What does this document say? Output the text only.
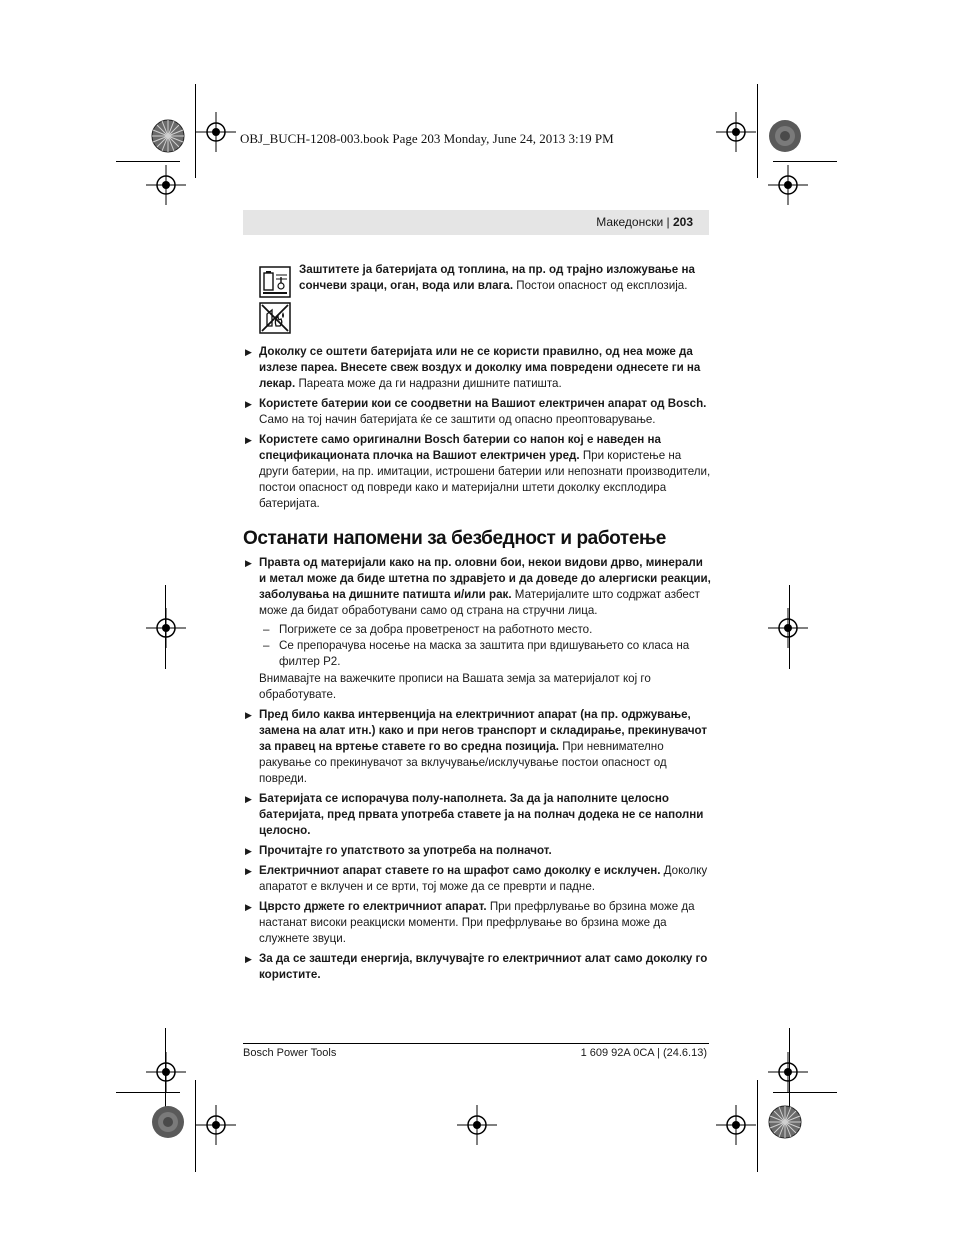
OBJ_BUCH-1208-003.book Page 203 Monday, June 24, 2013 3:19 PM
Македонски | 203
Заштитете ја батеријата од топлина, на пр. од трајно изложување на сончеви зраци, оган, вода или влага. Постои опасност од експлозија.
▶ Доколку се оштети батеријата или не се користи правилно, од неа може да излезе пареа. Внесете свеж воздух и доколку има повредени однесете ги на лекар. Пареата може да ги надразни дишните патишта.
▶ Користете батерии кои се соодветни на Вашиот електричен апарат од Bosch. Само на тој начин батеријата ќе се заштити од опасно преоптоварување.
▶ Користете само оригинални Bosch батерии со напон кој е наведен на спецификационата плочка на Вашиот електричен уред. При користење на други батерии, на пр. имитации, истрошени батерии или непознати производители, постои опасност од повреди како и материјални штети доколку експлодира батеријата.
Останати напомени за безбедност и работење
▶ Правта од материјали како на пр. оловни бои, некои видови дрво, минерали и метал може да биде штетна по здравјето и да доведе до алергиски реакции, заболувања на дишните патишта и/или рак. Материјалите што содржат азбест може да бидат обработувани само од страна на стручни лица.
– Погрижете се за добра проветреност на работното место.
– Се препорачува носење на маска за заштита при вдишувањето со класа на филтер P2.
Внимавајте на важечките прописи на Вашата земја за материјалот кој го обработувате.
▶ Пред било каква интервенција на електричниот апарат (на пр. одржување, замена на алат итн.) како и при негов транспорт и складирање, прекинувачот за правец на вртење ставете го во средна позиција. При невнимателно ракување со прекинувачот за вклучување/исклучување постои опасност од повреди.
▶ Батеријата се испорачува полу-наполнета. За да ја наполните целосно батеријата, пред првата употреба ставете ја на полнач додека не се наполни целосно.
▶ Прочитајте го упатството за употреба на полначот.
▶ Електричниот апарат ставете го на шрафот само доколку е исклучен. Доколку апаратот е вклучен и се врти, тој може да се преврти и падне.
▶ Цврсто држете го електричниот апарат. При префрлување во брзина може да настанат високи реакциски моменти. При префрлување во брзина може да служнете звуци.
▶ За да се заштеди енергија, вклучувајте го електричниот алат само доколку го користите.
Bosch Power Tools	1 609 92A 0CA | (24.6.13)
